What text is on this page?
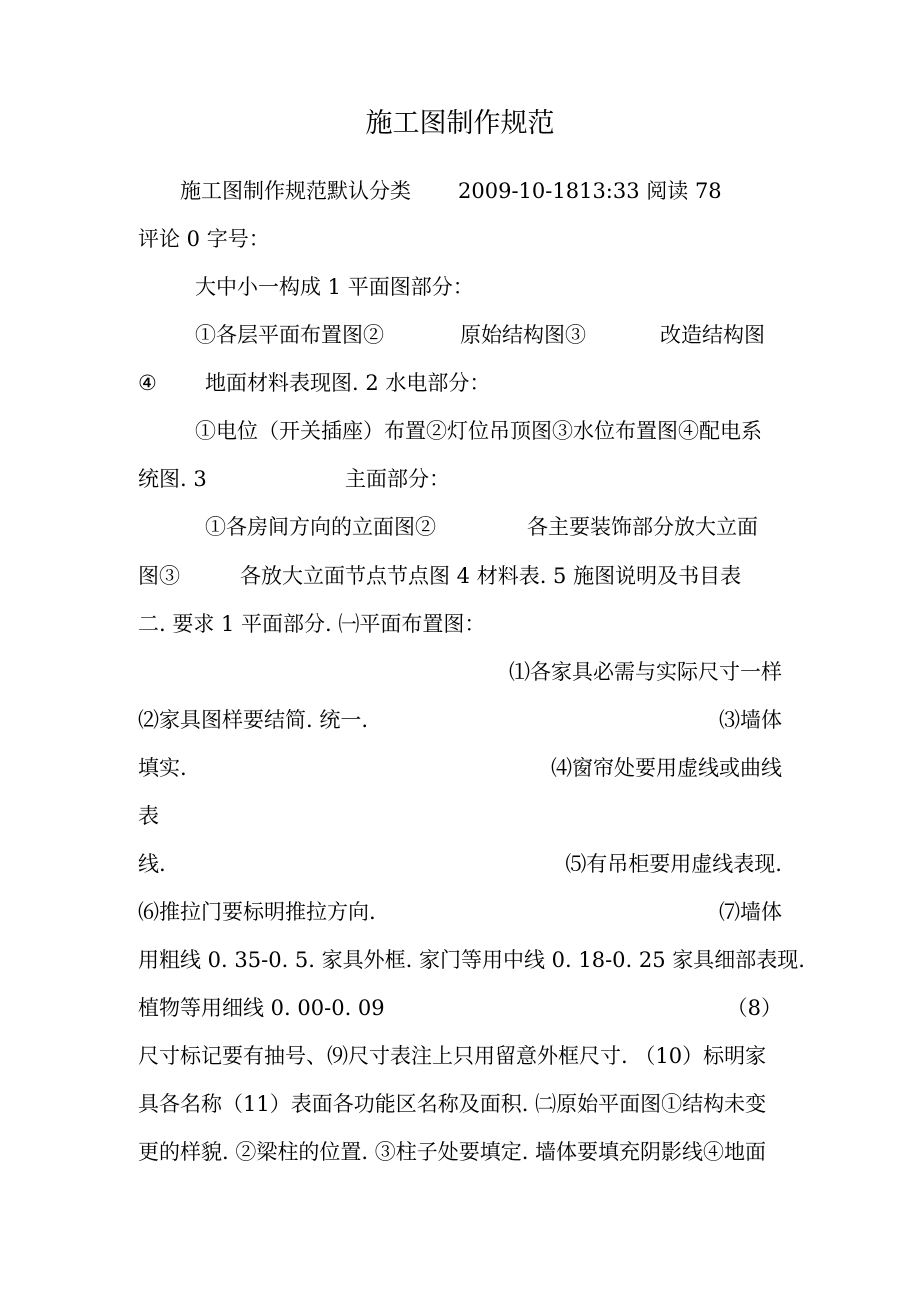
施工图制作规范
施工图制作规范默认分类 2009-10-1813:33 阅读 78
评论 0 字号：
大中小一构成 1 平面图部分：
①各层平面布置图②	原始结构图③	改造结构图
④ 地面材料表现图. 2 水电部分：
①电位（开关插座）布置②灯位吊顶图③水位布置图④配电系
统图. 3	主面部分：
①各房间方向的立面图②	各主要装饰部分放大立面
图③	各放大立面节点节点图 4 材料表. 5 施图说明及书目表
二. 要求 1 平面部分. ㈠平面布置图：
⑴各家具必需与实际尺寸一样
⑵家具图样要结简. 统一.	⑶墙体
填实.	⑷窗帘处要用虚线或曲线
表
线.	⑸有吊柜要用虚线表现.
⑹推拉门要标明推拉方向.	⑺墙体
用粗线 0. 35-0. 5. 家具外框. 家门等用中线 0. 18-0. 25 家具细部表现.
植物等用细线 0. 00-0. 09	（8）
尺寸标记要有抽号、⑼尺寸表注上只用留意外框尺寸. （10）标明家
具各名称（11）表面各功能区名称及面积. ㈡原始平面图①结构未变
更的样貌. ②梁柱的位置. ③柱子处要填定. 墙体要填充阴影线④地面
